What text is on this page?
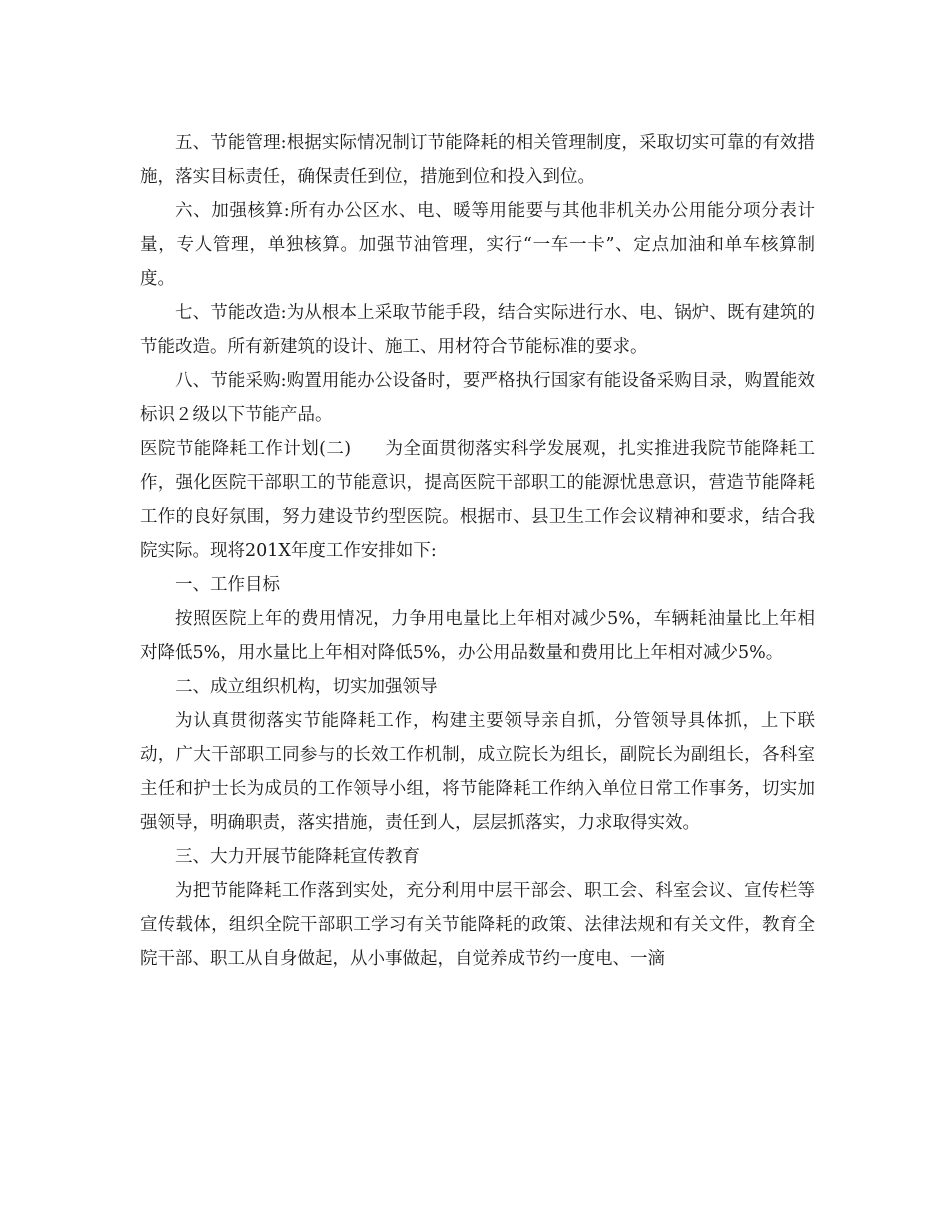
五、节能管理:根据实际情况制订节能降耗的相关管理制度，采取切实可靠的有效措施，落实目标责任，确保责任到位，措施到位和投入到位。

六、加强核算:所有办公区水、电、暖等用能要与其他非机关办公用能分项分表计量，专人管理，单独核算。加强节油管理，实行“一车一卡”、定点加油和单车核算制度。

七、节能改造:为从根本上采取节能手段，结合实际进行水、电、锅炉、既有建筑的节能改造。所有新建筑的设计、施工、用材符合节能标准的要求。

八、节能采购:购置用能办公设备时，要严格执行国家有能设备采购目录，购置能效标识２级以下节能产品。

医院节能降耗工作计划(二) 为全面贯彻落实科学发展观，扎实推进我院节能降耗工作，强化医院干部职工的节能意识，提高医院干部职工的能源忧患意识，营造节能降耗工作的良好氛围，努力建设节约型医院。根据市、县卫生工作会议精神和要求，结合我院实际。现将201X年度工作安排如下:

一、工作目标

按照医院上年的费用情况，力争用电量比上年相对减少5%，车辆耗油量比上年相对降低5%，用水量比上年相对降低5%，办公用品数量和费用比上年相对减少5%。

二、成立组织机构，切实加强领导

为认真贯彻落实节能降耗工作，构建主要领导亲自抓，分管领导具体抓，上下联动，广大干部职工同参与的长效工作机制，成立院长为组长，副院长为副组长，各科室主任和护士长为成员的工作领导小组，将节能降耗工作纳入单位日常工作事务，切实加强领导，明确职责，落实措施，责任到人，层层抓落实，力求取得实效。

三、大力开展节能降耗宣传教育

为把节能降耗工作落到实处，充分利用中层干部会、职工会、科室会议、宣传栏等宣传载体，组织全院干部职工学习有关节能降耗的政策、法律法规和有关文件，教育全院干部、职工从自身做起，从小事做起，自觉养成节约一度电、一滴
